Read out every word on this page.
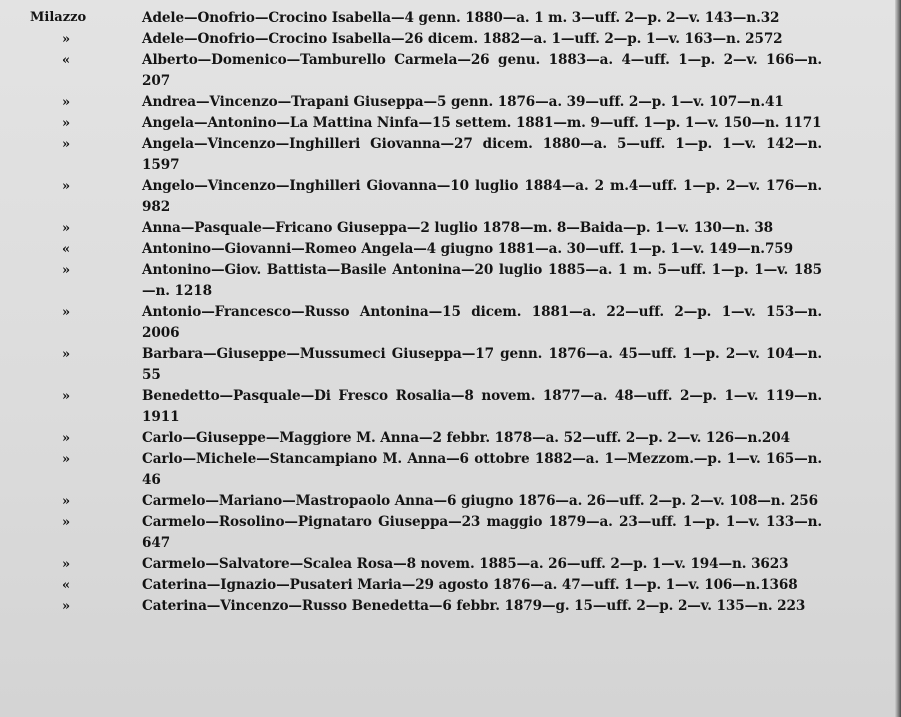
Milazzo	Adele—Onofrio—Crocino Isabella—4 genn. 1880—a. 1 m. 3—uff. 2—p. 2—v. 143—n.32
»	Adele—Onofrio—Crocino Isabella—26 dicem. 1882—a. 1—uff. 2—p. 1—v. 163—n. 2572
«	Alberto—Domenico—Tamburello Carmela—26 genu. 1883—a. 4—uff. 1—p. 2—v. 166—n. 207
»	Andrea—Vincenzo—Trapani Giuseppa—5 genn. 1876—a. 39—uff. 2—p. 1—v. 107—n.41
»	Angela—Antonino—La Mattina Ninfa—15 settem. 1881—m. 9—uff. 1—p. 1—v. 150—n. 1171
»	Angela—Vincenzo—Inghilleri Giovanna—27 dicem. 1880—a. 5—uff. 1—p. 1—v. 142—n. 1597
»	Angelo—Vincenzo—Inghilleri Giovanna—10 luglio 1884—a. 2 m.4—uff. 1—p. 2—v. 176—n. 982
»	Anna—Pasquale—Fricano Giuseppa—2 luglio 1878—m. 8—Baida—p. 1—v. 130—n. 38
«	Antonino—Giovanni—Romeo Angela—4 giugno 1881—a. 30—uff. 1—p. 1—v. 149—n.759
»	Antonino—Giov. Battista—Basile Antonina—20 luglio 1885—a. 1 m. 5—uff. 1—p. 1—v. 185—n. 1218
»	Antonio—Francesco—Russo Antonina—15 dicem. 1881—a. 22—uff. 2—p. 1—v. 153—n. 2006
»	Barbara—Giuseppe—Mussumeci Giuseppa—17 genn. 1876—a. 45—uff. 1—p. 2—v. 104—n. 55
»	Benedetto—Pasquale—Di Fresco Rosalia—8 novem. 1877—a. 48—uff. 2—p. 1—v. 119—n. 1911
»	Carlo—Giuseppe—Maggiore M. Anna—2 febbr. 1878—a. 52—uff. 2—p. 2—v. 126—n.204
»	Carlo—Michele—Stancampiano M. Anna—6 ottobre 1882—a. 1—Mezzom.—p. 1—v. 165—n. 46
»	Carmelo—Mariano—Mastropaolo Anna—6 giugno 1876—a. 26—uff. 2—p. 2—v. 108—n. 256
»	Carmelo—Rosolino—Pignataro Giuseppa—23 maggio 1879—a. 23—uff. 1—p. 1—v. 133—n. 647
»	Carmelo—Salvatore—Scalea Rosa—8 novem. 1885—a. 26—uff. 2—p. 1—v. 194—n. 3623
«	Caterina—Ignazio—Pusateri Maria—29 agosto 1876—a. 47—uff. 1—p. 1—v. 106—n.1368
»	Caterina—Vincenzo—Russo Benedetta—6 febbr. 1879—g. 15—uff. 2—p. 2—v. 135—n. 223
